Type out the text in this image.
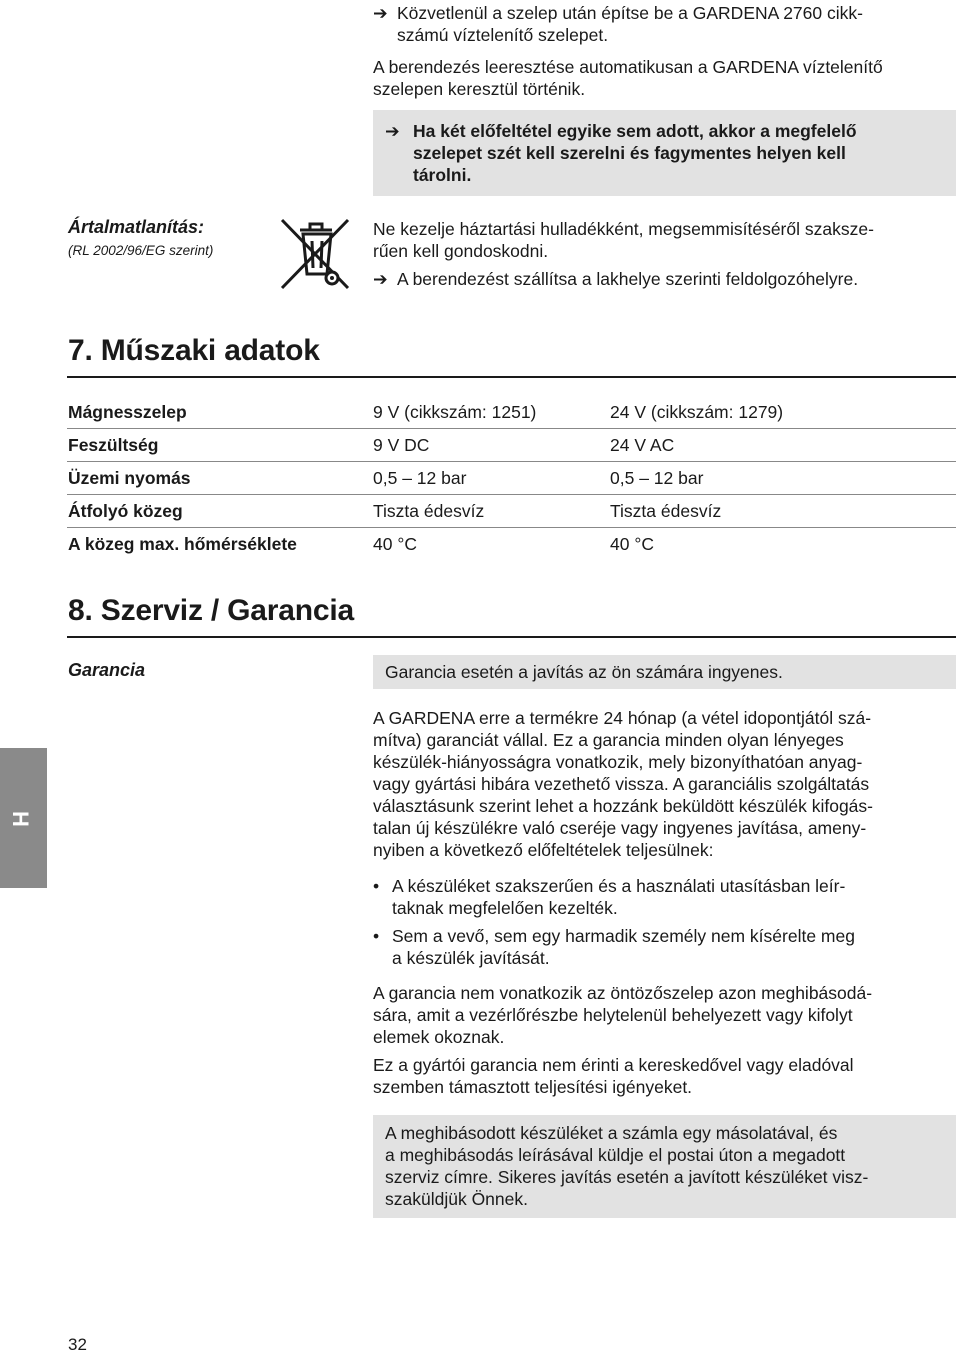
➔ Közvetlenül a szelep után építse be a GARDENA 2760 cikk-
számú víztelenítő szelepet.
A berendezés leeresztése automatikusan a GARDENA víztelenítő
szelepen keresztül történik.
➔ Ha két előfeltétel egyike sem adott, akkor a megfelelő
szelepet szét kell szerelni és fagymentes helyen kell
tárolni.
Ártalmatlanítás:
(RL 2002/96/EG szerint)
Ne kezelje háztartási hulladékként, megsemmisítéséről szaksze-
rűen kell gondoskodni.
➔ A berendezést szállítsa a lakhelye szerinti feldolgozóhelyre.
7. Műszaki adatok
Mágnesszelep	9 V (cikkszám: 1251)	24 V (cikkszám: 1279)
Feszültség	9 V DC	24 V AC
Üzemi nyomás	0,5 – 12 bar	0,5 – 12 bar
Átfolyó közeg	Tiszta édesvíz	Tiszta édesvíz
A közeg max. hőmérséklete	40 °C	40 °C
8. Szerviz / Garancia
Garancia	Garancia esetén a javítás az ön számára ingyenes.
A GARDENA erre a termékre 24 hónap (a vétel idopontjától szá-
mítva) garanciát vállal. Ez a garancia minden olyan lényeges
készülék-hiányosságra vonatkozik, mely bizonyíthatóan anyag-
vagy gyártási hibára vezethető vissza. A garanciális szolgáltatás
választásunk szerint lehet a hozzánk beküldött készülék kifogás-
talan új készülékre való cseréje vagy ingyenes javítása, ameny-
nyiben a következő előfeltételek teljesülnek:
• A készüléket szakszerűen és a használati utasításban leír-
taknak megfelelően kezelték.
• Sem a vevő, sem egy harmadik személy nem kísérelte meg
a készülék javítását.
A garancia nem vonatkozik az öntözőszelep azon meghibásodá-
sára, amit a vezérlőrészbe helytelenül behelyezett vagy kifolyt
elemek okoznak.
Ez a gyártói garancia nem érinti a kereskedővel vagy eladóval
szemben támasztott teljesítési igényeket.
A meghibásodott készüléket a számla egy másolatával, és
a meghibásodás leírásával küldje el postai úton a megadott
szerviz címre. Sikeres javítás esetén a javított készüléket visz-
szaküldjük Önnek.
H
32
